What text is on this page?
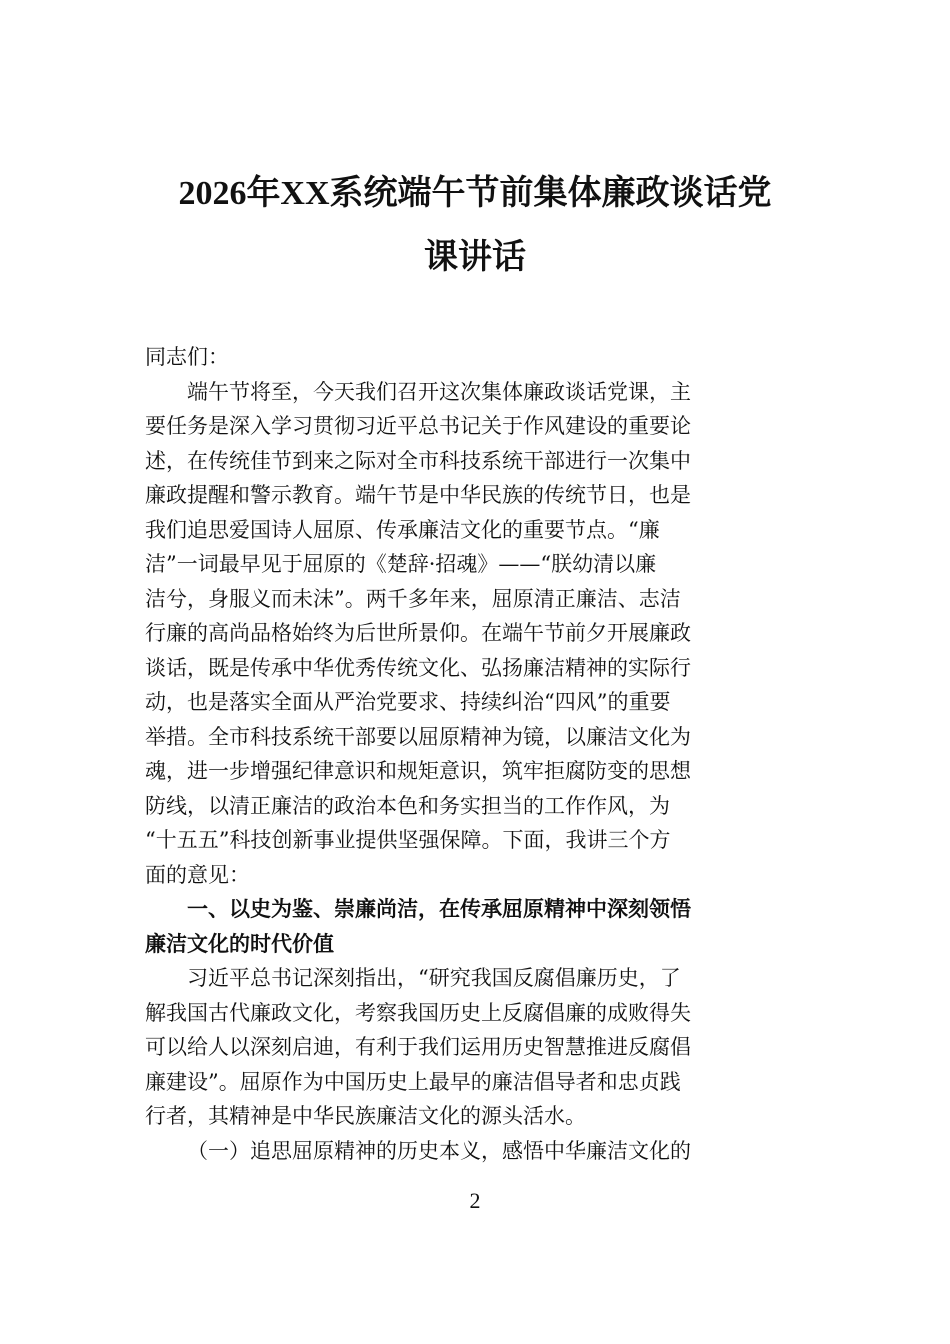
2026年XX系统端午节前集体廉政谈话党
课讲话
同志们：
端午节将至，今天我们召开这次集体廉政谈话党课，主
要任务是深入学习贯彻习近平总书记关于作风建设的重要论
述，在传统佳节到来之际对全市科技系统干部进行一次集中
廉政提醒和警示教育。端午节是中华民族的传统节日，也是
我们追思爱国诗人屈原、传承廉洁文化的重要节点。“廉
洁”一词最早见于屈原的《楚辞·招魂》——“朕幼清以廉
洁兮，身服义而未沬”。两千多年来，屈原清正廉洁、志洁
行廉的高尚品格始终为后世所景仰。在端午节前夕开展廉政
谈话，既是传承中华优秀传统文化、弘扬廉洁精神的实际行
动，也是落实全面从严治党要求、持续纠治“四风”的重要
举措。全市科技系统干部要以屈原精神为镜，以廉洁文化为
魂，进一步增强纪律意识和规矩意识，筑牢拒腐防变的思想
防线，以清正廉洁的政治本色和务实担当的工作作风，为
“十五五”科技创新事业提供坚强保障。下面，我讲三个方
面的意见：
一、以史为鉴、崇廉尚洁，在传承屈原精神中深刻领悟
廉洁文化的时代价值
习近平总书记深刻指出，“研究我国反腐倡廉历史，了
解我国古代廉政文化，考察我国历史上反腐倡廉的成败得失
可以给人以深刻启迪，有利于我们运用历史智慧推进反腐倡
廉建设”。屈原作为中国历史上最早的廉洁倡导者和忠贞践
行者，其精神是中华民族廉洁文化的源头活水。
（一）追思屈原精神的历史本义，感悟中华廉洁文化的
2
